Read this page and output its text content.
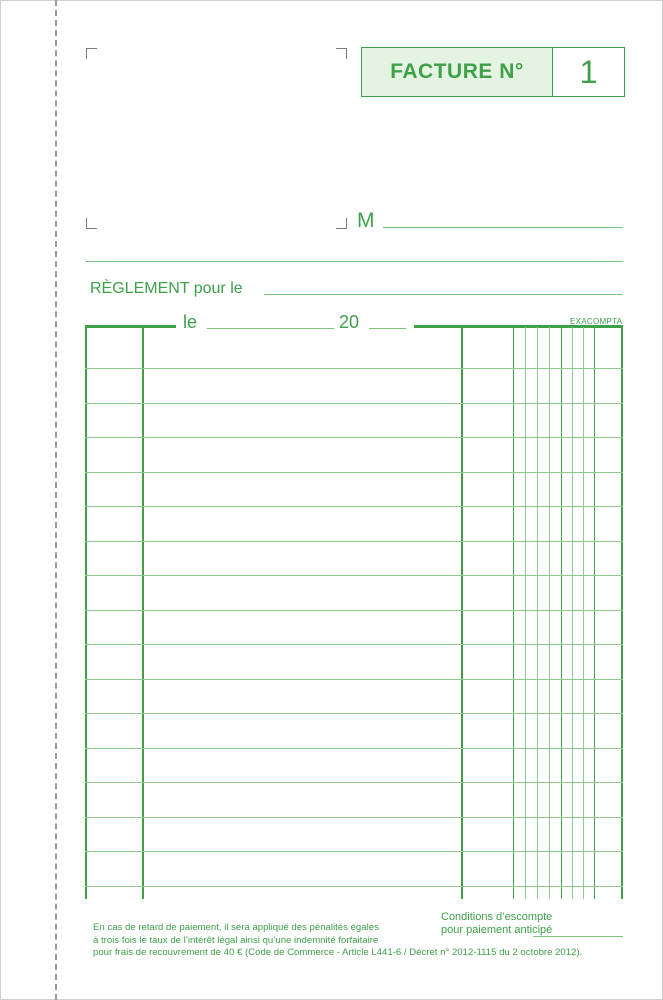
FACTURE N°	1
M
RÈGLEMENT pour le
le	20	EXACOMPTA
En cas de retard de paiement, il sera appliqué des pénalités égales
à trois fois le taux de l’intérêt légal ainsi qu’une indemnité forfaitaire
pour frais de recouvrement de 40 € (Code de Commerce - Article L441-6 / Décret n° 2012-1115 du 2 octobre 2012).
Conditions d’escompte
pour paiement anticipé
